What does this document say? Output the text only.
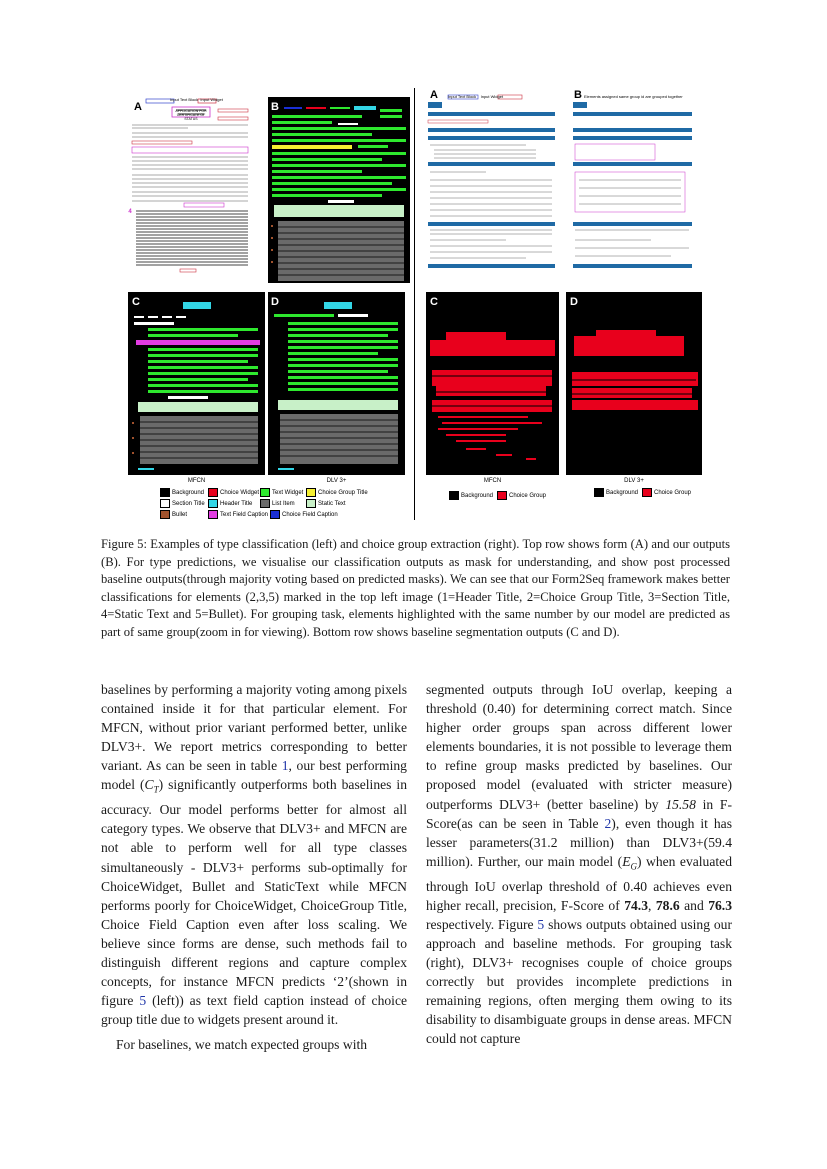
A
Input Text Block Input Widget
APPLICATION FOR CERTIFICATE OF STATUS
4
B
C
MFCN
D
DLV 3+
Background	Choice Widget	Text Widget	Choice Group Title
Section Title	Header Title	List Item	Static Text
Bullet	Text Field Caption	Choice Field Caption
A	Input Text Block Input Widget	B Elements assigned same group id are grouped together
C
MFCN
D
DLV 3+
Background	Choice Group	Background	Choice Group
Figure 5: Examples of type classification (left) and choice group extraction (right). Top row shows form (A) and our outputs (B). For type predictions, we visualise our classification outputs as mask for understanding, and show post processed baseline outputs(through majority voting based on predicted masks). We can see that our Form2Seq framework makes better classifications for elements (2,3,5) marked in the top left image (1=Header Title, 2=Choice Group Title, 3=Section Title, 4=Static Text and 5=Bullet). For grouping task, elements highlighted with the same number by our model are predicted as part of same group(zoom in for viewing). Bottom row shows baseline segmentation outputs (C and D).

baselines by performing a majority voting among pixels contained inside it for that particular element. For MFCN, without prior variant performed better, unlike DLV3+. We report metrics corresponding to better variant. As can be seen in table 1, our best performing model $(C_T)$ significantly outperforms both baselines in accuracy. Our model performs better for almost all category types. We observe that DLV3+ and MFCN are not able to perform well for all type classes simultaneously - DLV3+ performs sub-optimally for ChoiceWidget, Bullet and StaticText while MFCN performs poorly for ChoiceWidget, ChoiceGroup Title, Choice Field Caption even after loss scaling. We believe since forms are dense, such methods fail to distinguish different regions and capture complex concepts, for instance MFCN predicts ‘2’(shown in figure 5 (left)) as text field caption instead of choice group title due to widgets present around it.

For baselines, we match expected groups with

segmented outputs through IoU overlap, keeping a threshold (0.40) for determining correct match. Since higher order groups span across different lower elements boundaries, it is not possible to leverage them to refine group masks predicted by baselines. Our proposed model (evaluated with stricter measure) outperforms DLV3+ (better baseline) by 15.58 in F-Score(as can be seen in Table 2), even though it has lesser parameters(31.2 million) than DLV3+(59.4 million). Further, our main model $(E_G)$ when evaluated through IoU overlap threshold of 0.40 achieves even higher recall, precision, F-Score of 74.3, 78.6 and 76.3 respectively. Figure 5 shows outputs obtained using our approach and baseline methods. For grouping task (right), DLV3+ recognises couple of choice groups correctly but provides incomplete predictions in remaining regions, often merging them owing to its disability to disambiguate groups in dense areas. MFCN could not capture
